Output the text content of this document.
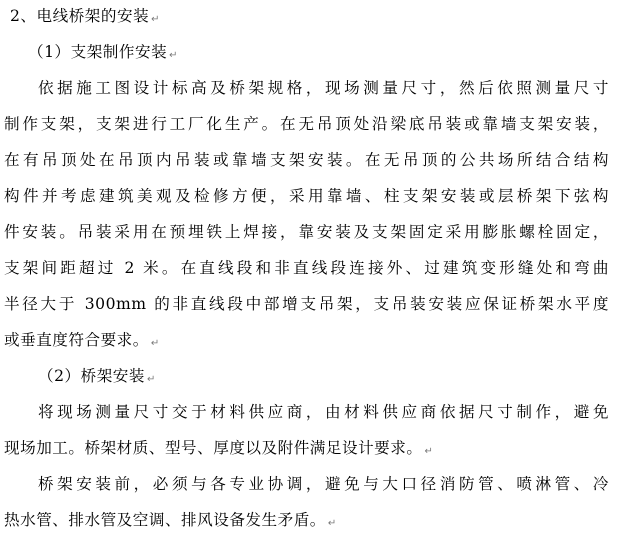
2、电线桥架的安装 ↵
（1）支架制作安装 ↵
依据施工图设计标高及桥架规格，现场测量尺寸，然后依照测量尺寸
制作支架，支架进行工厂化生产。在无吊顶处沿梁底吊装或靠墙支架安装，
在有吊顶处在吊顶内吊装或靠墙支架安装。在无吊顶的公共场所结合结构
构件并考虑建筑美观及检修方便，采用靠墙、柱支架安装或层桥架下弦构
件安装。吊装采用在预埋铁上焊接，靠安装及支架固定采用膨胀螺栓固定，
支架间距超过 2 米。在直线段和非直线段连接外、过建筑变形缝处和弯曲
半径大于 300mm 的非直线段中部增支吊架，支吊装安装应保证桥架水平度
或垂直度符合要求。 ↵
（2）桥架安装 ↵
将现场测量尺寸交于材料供应商，由材料供应商依据尺寸制作，避免
现场加工。桥架材质、型号、厚度以及附件满足设计要求。 ↵
桥架安装前，必须与各专业协调，避免与大口径消防管、喷淋管、冷
热水管、排水管及空调、排风设备发生矛盾。 ↵
